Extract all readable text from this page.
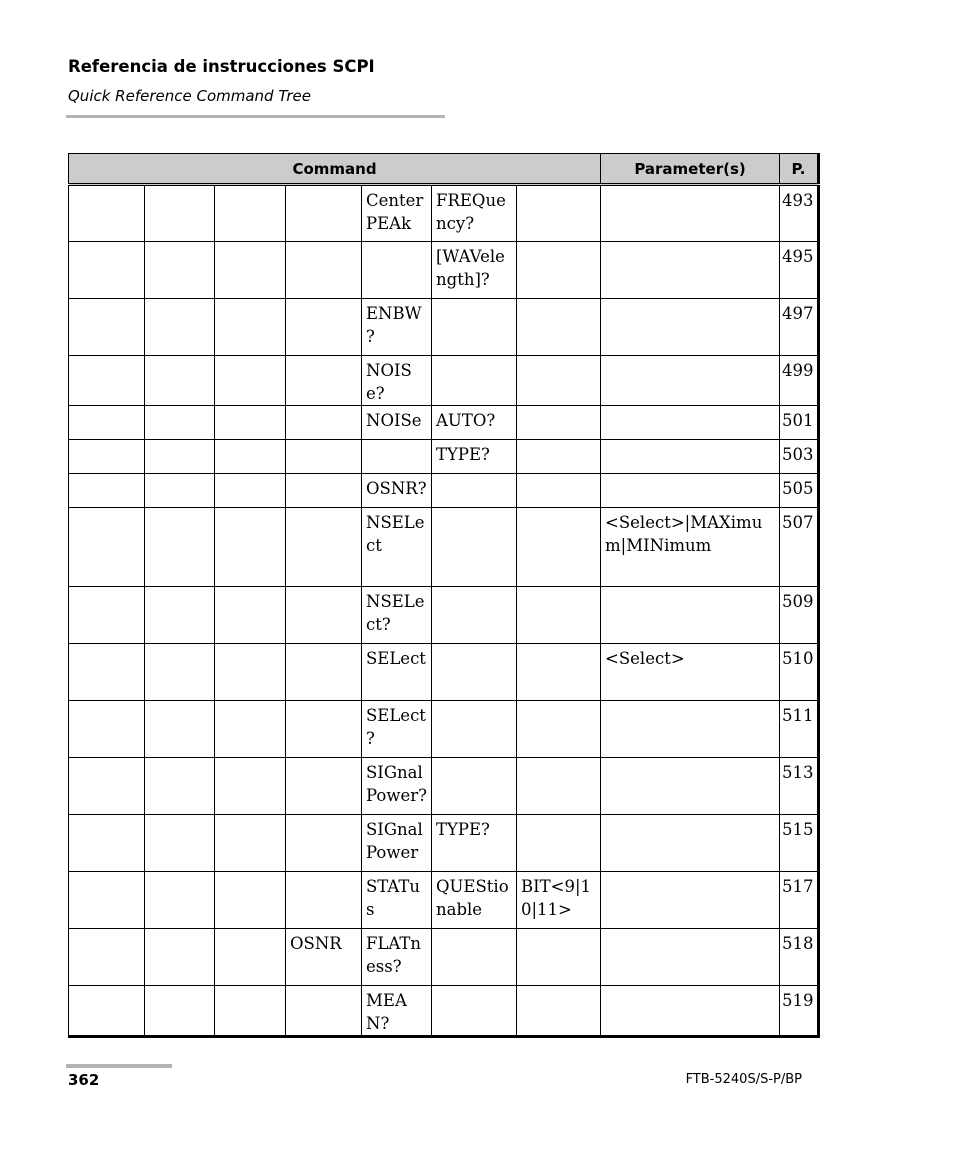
Referencia de instrucciones SCPI

Quick Reference Command Tree

Command							Parameter(s)	P.
				Center PEAk	FREQue ncy?			493
					[WAVele ngth]?			495
				ENBW ?				497
				NOISe?				499
				NOISe	AUTO?			501
					TYPE?			503
				OSNR?				505
				NSELe ct			<Select>|MAXimu m|MINimum	507
				NSELe ct?				509
				SELect			<Select>	510
				SELect ?				511
				SIGnal Power?				513
				SIGnal Power	TYPE?			515
				STATus	QUEStio nable	BIT<9|1 0|11>		517
			OSNR	FLATn ess?				518
				MEAN?				519

362	FTB-5240S/S-P/BP
